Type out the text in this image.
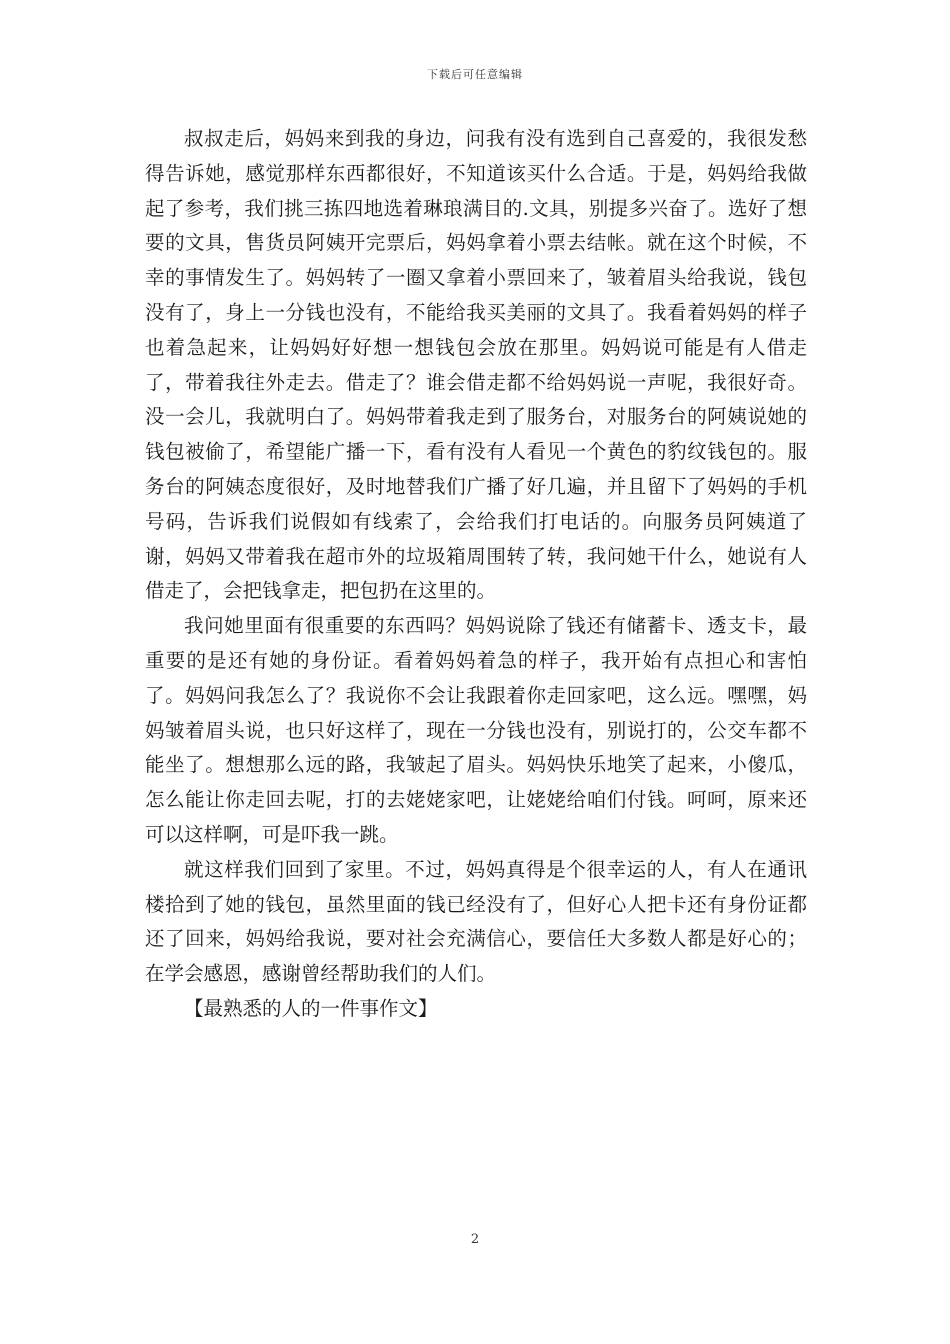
下载后可任意编辑

叔叔走后，妈妈来到我的身边，问我有没有选到自己喜爱的，我很发愁得告诉她，感觉那样东西都很好，不知道该买什么合适。于是，妈妈给我做起了参考，我们挑三拣四地选着琳琅满目的.文具，别提多兴奋了。选好了想要的文具，售货员阿姨开完票后，妈妈拿着小票去结帐。就在这个时候，不幸的事情发生了。妈妈转了一圈又拿着小票回来了，皱着眉头给我说，钱包没有了，身上一分钱也没有，不能给我买美丽的文具了。我看着妈妈的样子也着急起来，让妈妈好好想一想钱包会放在那里。妈妈说可能是有人借走了，带着我往外走去。借走了？谁会借走都不给妈妈说一声呢，我很好奇。没一会儿，我就明白了。妈妈带着我走到了服务台，对服务台的阿姨说她的钱包被偷了，希望能广播一下，看有没有人看见一个黄色的豹纹钱包的。服务台的阿姨态度很好，及时地替我们广播了好几遍，并且留下了妈妈的手机号码，告诉我们说假如有线索了，会给我们打电话的。向服务员阿姨道了谢，妈妈又带着我在超市外的垃圾箱周围转了转，我问她干什么，她说有人借走了，会把钱拿走，把包扔在这里的。

我问她里面有很重要的东西吗？妈妈说除了钱还有储蓄卡、透支卡，最重要的是还有她的身份证。看着妈妈着急的样子，我开始有点担心和害怕了。妈妈问我怎么了？我说你不会让我跟着你走回家吧，这么远。嘿嘿，妈妈皱着眉头说，也只好这样了，现在一分钱也没有，别说打的，公交车都不能坐了。想想那么远的路，我皱起了眉头。妈妈快乐地笑了起来，小傻瓜，怎么能让你走回去呢，打的去姥姥家吧，让姥姥给咱们付钱。呵呵，原来还可以这样啊，可是吓我一跳。

就这样我们回到了家里。不过，妈妈真得是个很幸运的人，有人在通讯楼拾到了她的钱包，虽然里面的钱已经没有了，但好心人把卡还有身份证都还了回来，妈妈给我说，要对社会充满信心，要信任大多数人都是好心的；在学会感恩，感谢曾经帮助我们的人们。

【最熟悉的人的一件事作文】

2
